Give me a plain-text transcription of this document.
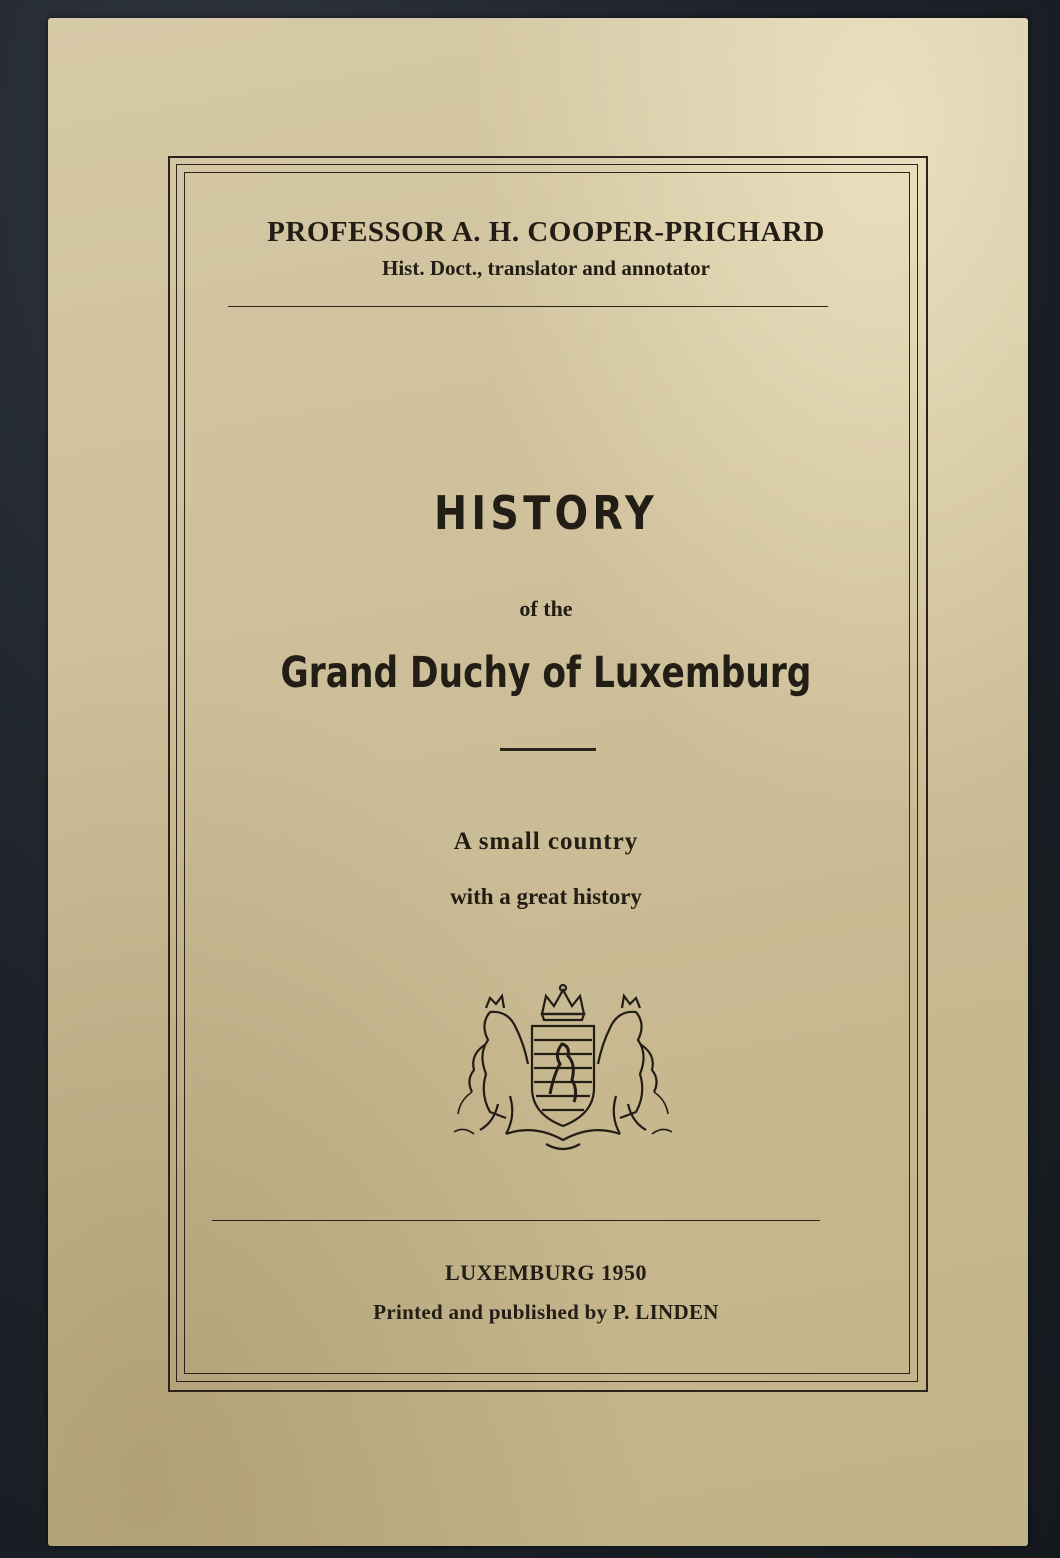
PROFESSOR A. H. COOPER-PRICHARD
Hist. Doct., translator and annotator
HISTORY
of the
Grand Duchy of Luxemburg
A small country
with a great history
LUXEMBURG 1950
Printed and published by P. LINDEN
